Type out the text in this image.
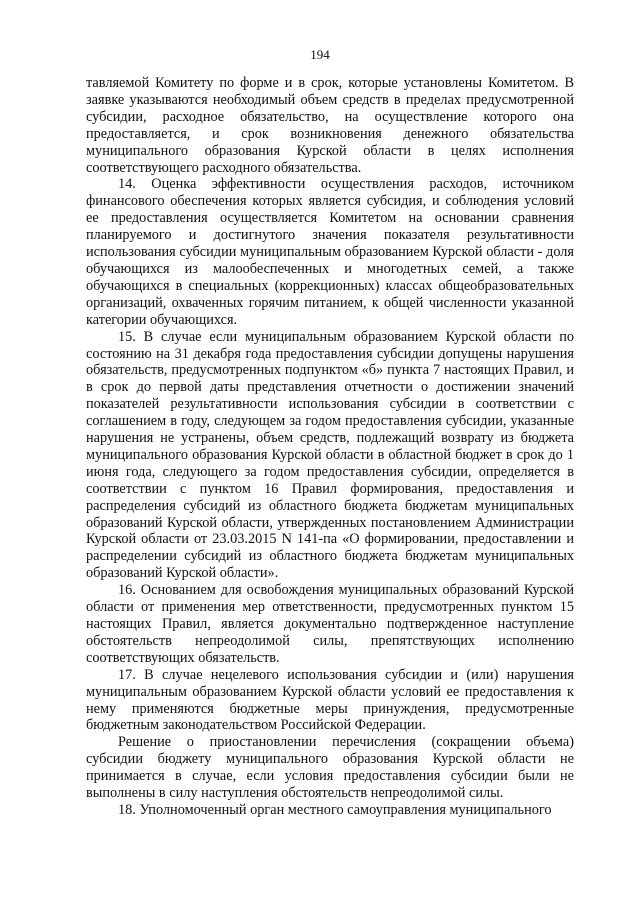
194

тавляемой Комитету по форме и в срок, которые установлены Комитетом. В заявке указываются необходимый объем средств в пределах предусмотренной субсидии, расходное обязательство, на осуществление которого она предоставляется, и срок возникновения денежного обязательства муниципального образования Курской области в целях исполнения соответствующего расходного обязательства.

14. Оценка эффективности осуществления расходов, источником финансового обеспечения которых является субсидия, и соблюдения условий ее предоставления осуществляется Комитетом на основании сравнения планируемого и достигнутого значения показателя результативности использования субсидии муниципальным образованием Курской области - доля обучающихся из малообеспеченных и многодетных семей, а также обучающихся в специальных (коррекционных) классах общеобразовательных организаций, охваченных горячим питанием, к общей численности указанной категории обучающихся.

15. В случае если муниципальным образованием Курской области по состоянию на 31 декабря года предоставления субсидии допущены нарушения обязательств, предусмотренных подпунктом «б» пункта 7 настоящих Правил, и в срок до первой даты представления отчетности о достижении значений показателей результативности использования субсидии в соответствии с соглашением в году, следующем за годом предоставления субсидии, указанные нарушения не устранены, объем средств, подлежащий возврату из бюджета муниципального образования Курской области в областной бюджет в срок до 1 июня года, следующего за годом предоставления субсидии, определяется в соответствии с пунктом 16 Правил формирования, предоставления и распределения субсидий из областного бюджета бюджетам муниципальных образований Курской области, утвержденных постановлением Администрации Курской области от 23.03.2015 N 141-па «О формировании, предоставлении и распределении субсидий из областного бюджета бюджетам муниципальных образований Курской области».

16. Основанием для освобождения муниципальных образований Курской области от применения мер ответственности, предусмотренных пунктом 15 настоящих Правил, является документально подтвержденное наступление обстоятельств непреодолимой силы, препятствующих исполнению соответствующих обязательств.

17. В случае нецелевого использования субсидии и (или) нарушения муниципальным образованием Курской области условий ее предоставления к нему применяются бюджетные меры принуждения, предусмотренные бюджетным законодательством Российской Федерации.

Решение о приостановлении перечисления (сокращении объема) субсидии бюджету муниципального образования Курской области не принимается в случае, если условия предоставления субсидии были не выполнены в силу наступления обстоятельств непреодолимой силы.

18. Уполномоченный орган местного самоуправления муниципального
